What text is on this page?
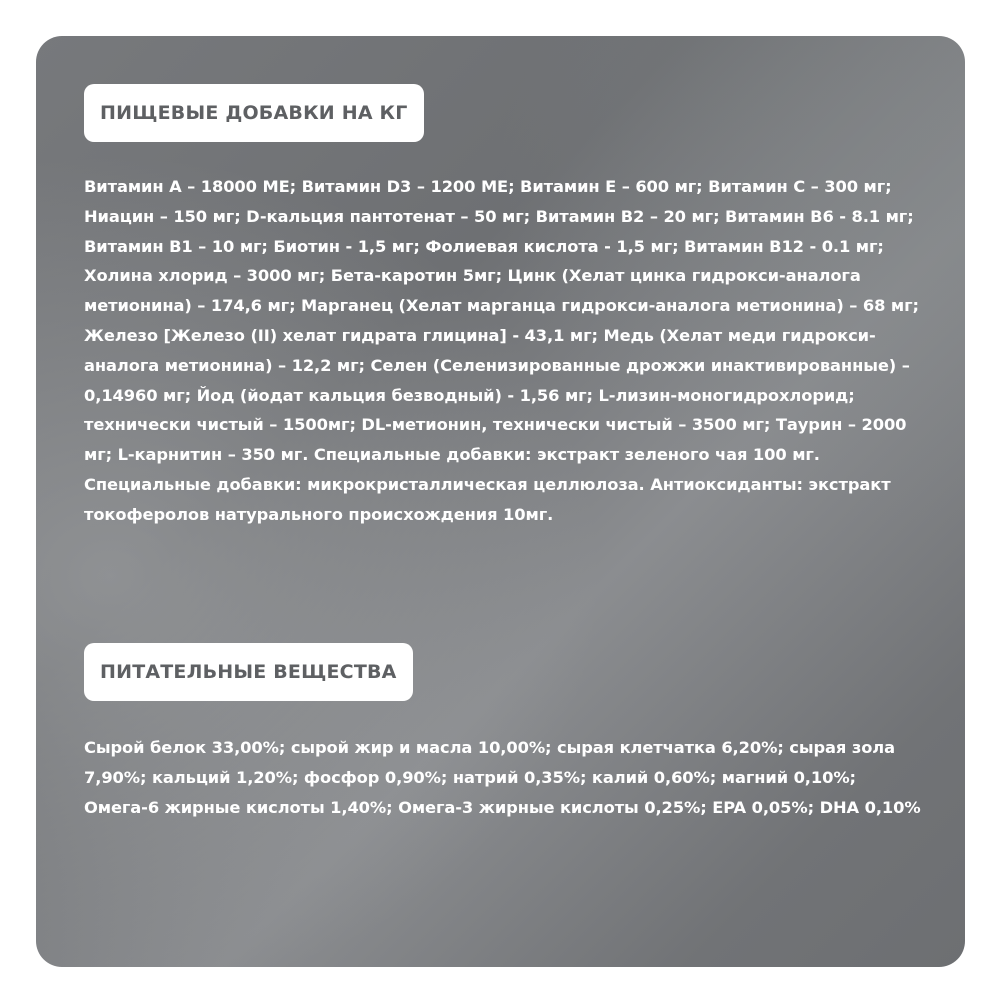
ПИЩЕВЫЕ ДОБАВКИ НА КГ
Витамин А – 18000 МЕ; Витамин D3 – 1200 МЕ; Витамин Е – 600 мг; Витамин С – 300 мг; Ниацин – 150 мг; D-кальция пантотенат – 50 мг; Витамин В2 – 20 мг; Витамин В6 - 8.1 мг; Витамин В1 – 10 мг; Биотин - 1,5 мг; Фолиевая кислота - 1,5 мг; Витамин В12 - 0.1 мг; Холина хлорид – 3000 мг; Бета-каротин 5мг; Цинк (Хелат цинка гидрокси-аналога метионина) – 174,6 мг; Марганец (Хелат марганца гидрокси-аналога метионина) – 68 мг; Железо [Железо (II) хелат гидрата глицина] - 43,1 мг; Медь (Хелат меди гидрокси-аналога метионина) – 12,2 мг; Селен (Селенизированные дрожжи инактивированные) – 0,14960 мг; Йод (йодат кальция безводный) - 1,56 мг; L-лизин-моногидрохлорид; технически чистый – 1500мг; DL-метионин, технически чистый – 3500 мг; Таурин – 2000 мг; L-карнитин – 350 мг. Специальные добавки: экстракт зеленого чая 100 мг. Специальные добавки: микрокристаллическая целлюлоза. Антиоксиданты: экстракт токоферолов натурального происхождения 10мг.
ПИТАТЕЛЬНЫЕ ВЕЩЕСТВА
Сырой белок 33,00%; сырой жир и масла 10,00%; сырая клетчатка 6,20%; сырая зола 7,90%; кальций 1,20%; фосфор 0,90%; натрий 0,35%; калий 0,60%; магний 0,10%; Омега-6 жирные кислоты 1,40%; Омега-3 жирные кислоты 0,25%; EPA 0,05%; DHA 0,10%
